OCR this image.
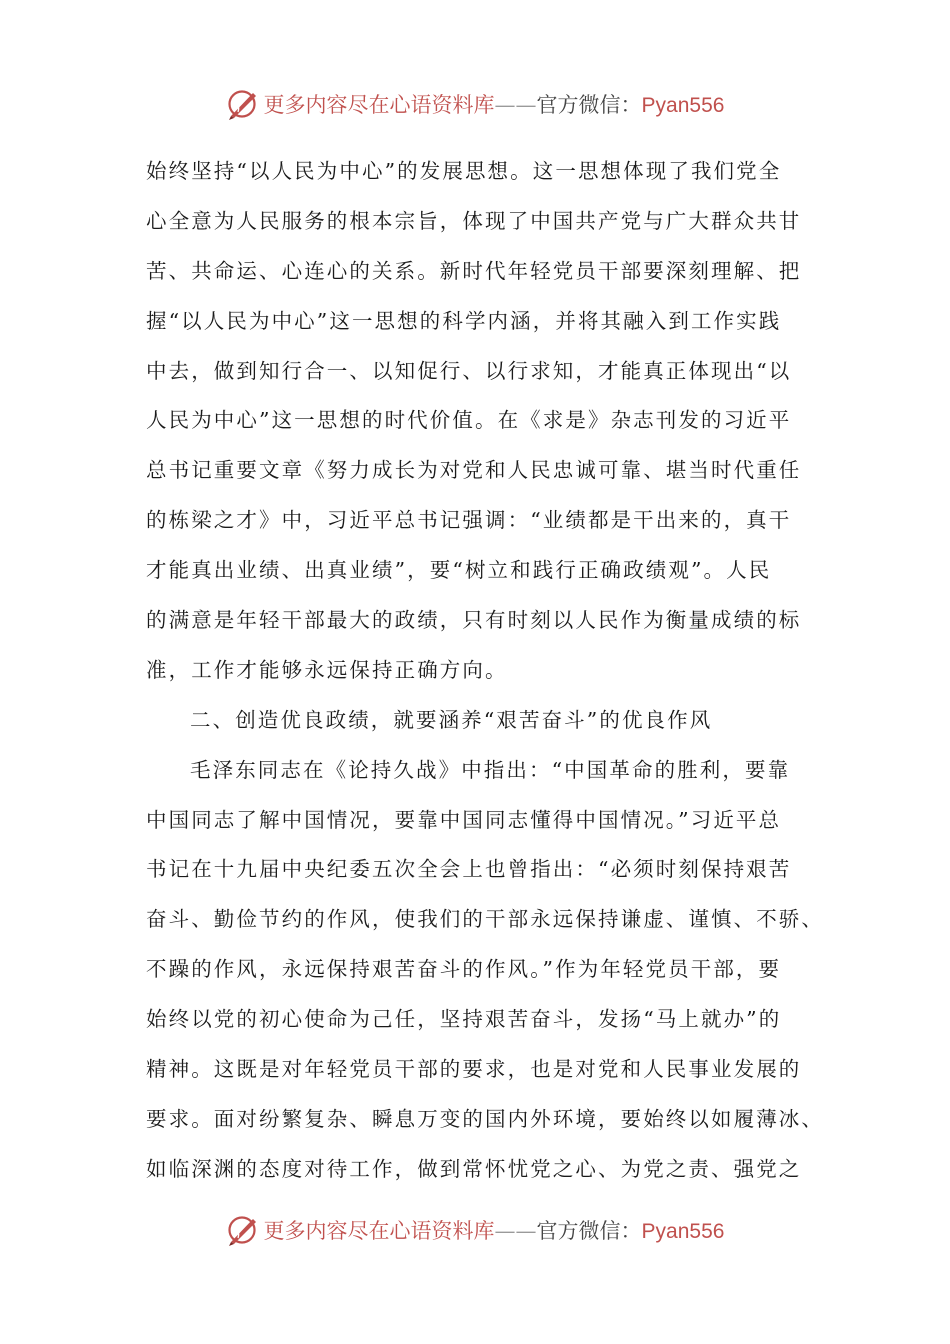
更多内容尽在心语资料库——官方微信：Pyan556
始终坚持“以人民为中心”的发展思想。这一思想体现了我们党全
心全意为人民服务的根本宗旨，体现了中国共产党与广大群众共甘
苦、共命运、心连心的关系。新时代年轻党员干部要深刻理解、把
握“以人民为中心”这一思想的科学内涵，并将其融入到工作实践
中去，做到知行合一、以知促行、以行求知，才能真正体现出“以
人民为中心”这一思想的时代价值。在《求是》杂志刊发的习近平
总书记重要文章《努力成长为对党和人民忠诚可靠、堪当时代重任
的栋梁之才》中，习近平总书记强调：“业绩都是干出来的，真干
才能真出业绩、出真业绩”，要“树立和践行正确政绩观”。人民
的满意是年轻干部最大的政绩，只有时刻以人民作为衡量成绩的标
准，工作才能够永远保持正确方向。
二、创造优良政绩，就要涵养“艰苦奋斗”的优良作风
毛泽东同志在《论持久战》中指出：“中国革命的胜利，要靠
中国同志了解中国情况，要靠中国同志懂得中国情况。”习近平总
书记在十九届中央纪委五次全会上也曾指出：“必须时刻保持艰苦
奋斗、勤俭节约的作风，使我们的干部永远保持谦虚、谨慎、不骄、
不躁的作风，永远保持艰苦奋斗的作风。”作为年轻党员干部，要
始终以党的初心使命为己任，坚持艰苦奋斗，发扬“马上就办”的
精神。这既是对年轻党员干部的要求，也是对党和人民事业发展的
要求。面对纷繁复杂、瞬息万变的国内外环境，要始终以如履薄冰、
如临深渊的态度对待工作，做到常怀忧党之心、为党之责、强党之
更多内容尽在心语资料库——官方微信：Pyan556
